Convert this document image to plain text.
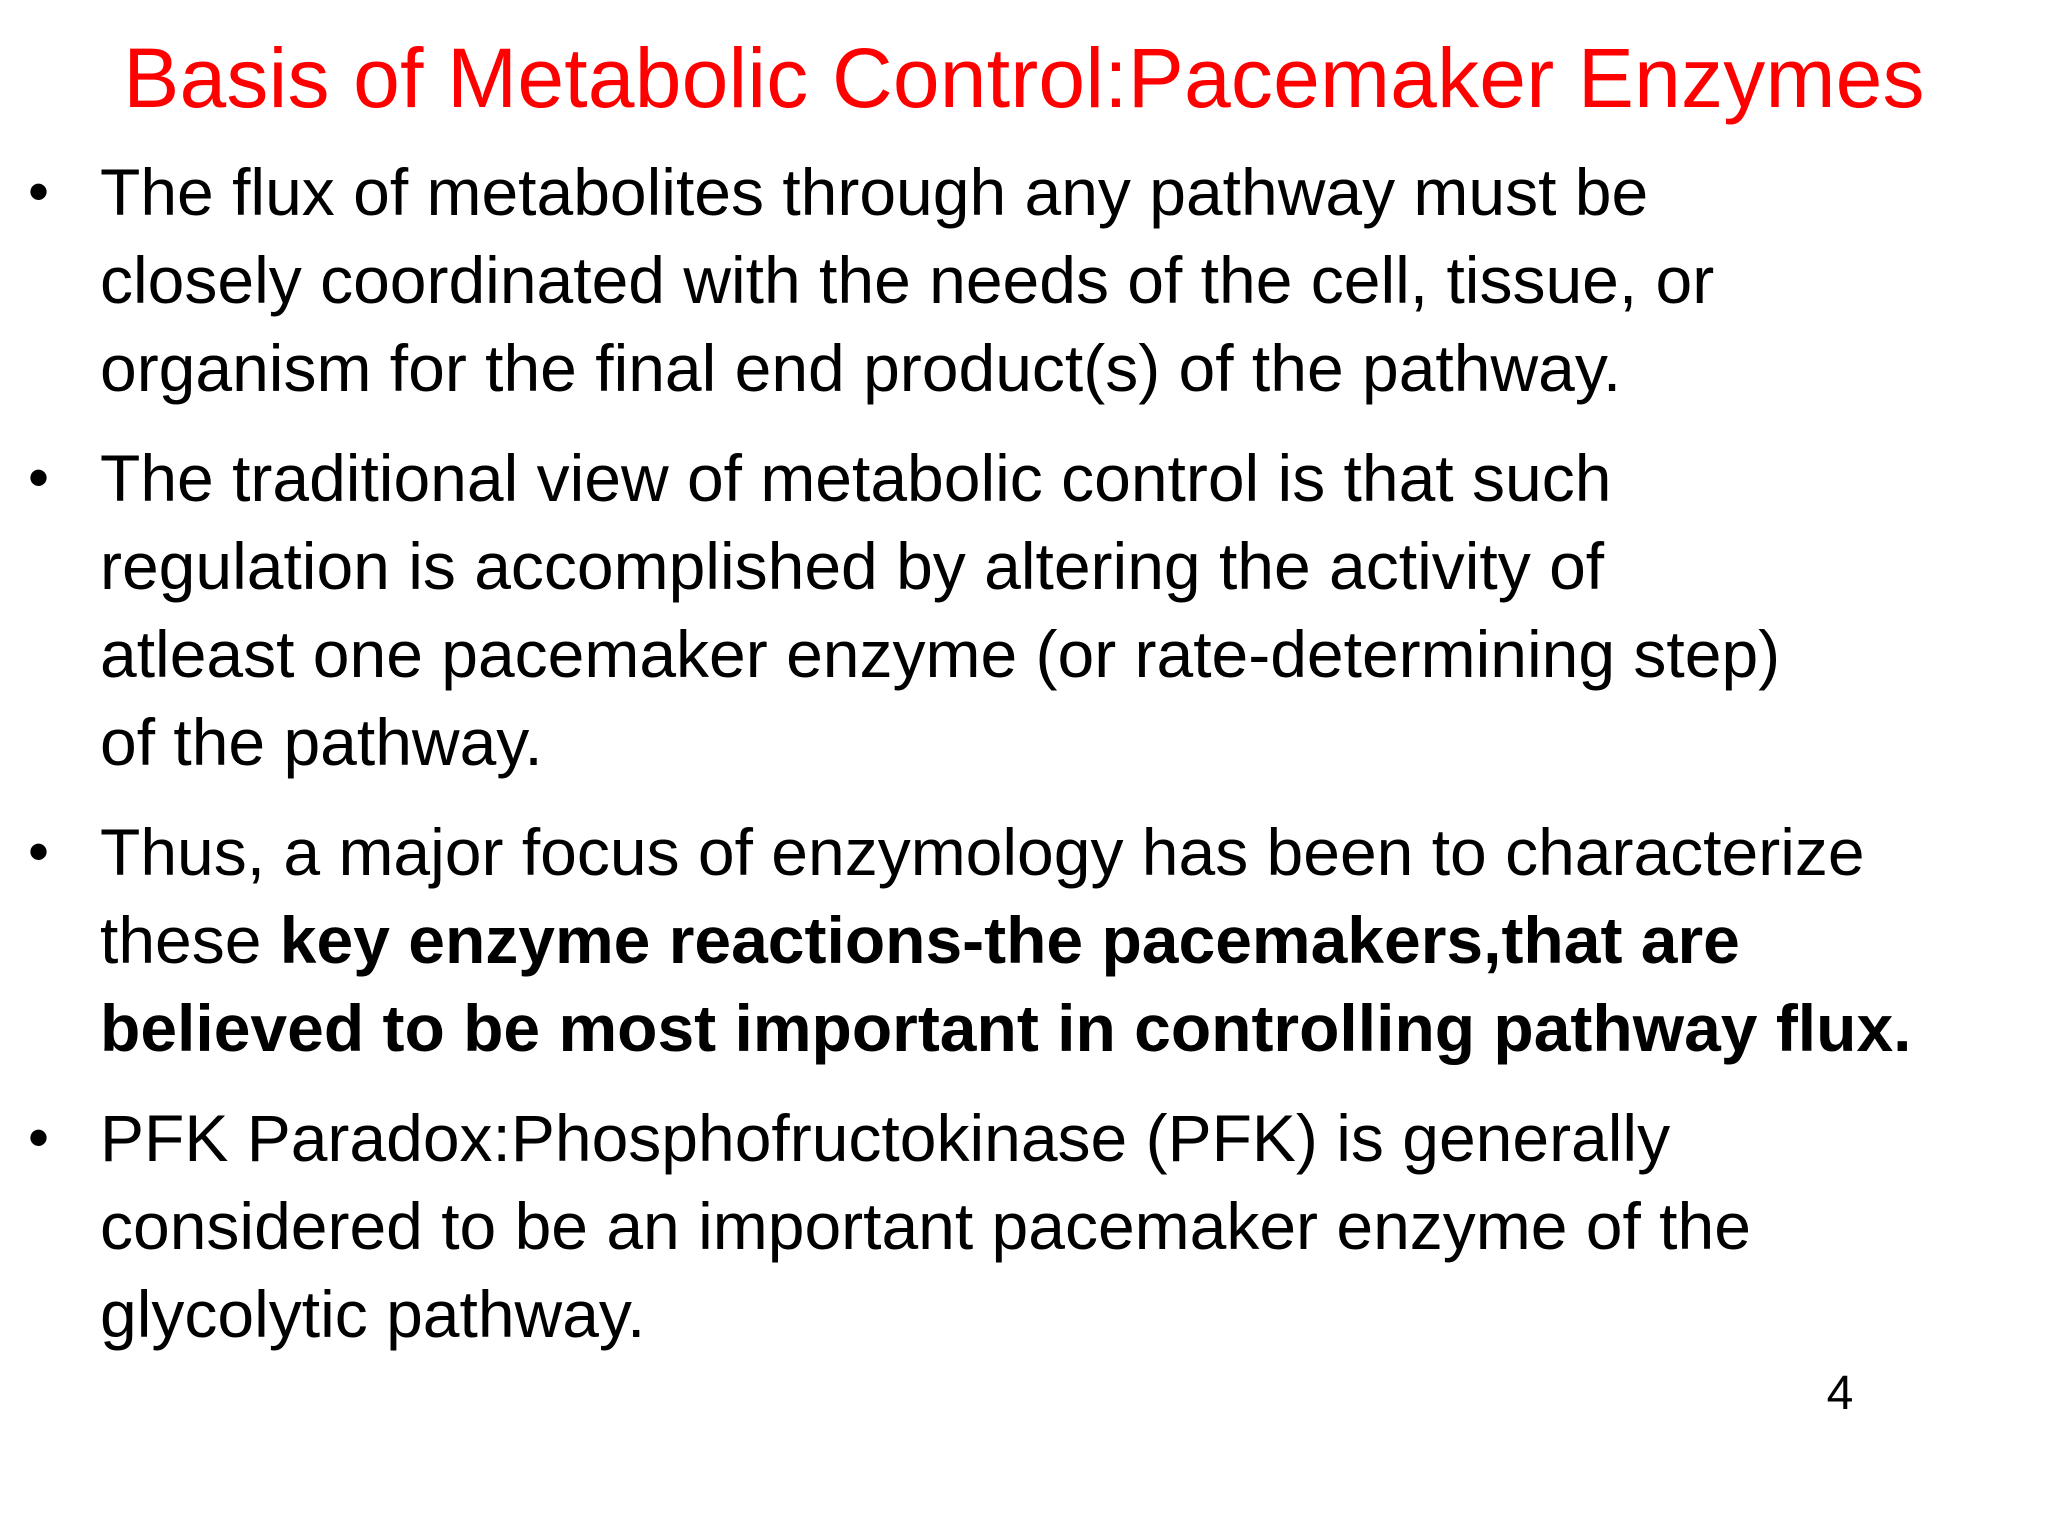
Basis of Metabolic Control:Pacemaker Enzymes
• The flux of metabolites through any pathway must be
closely coordinated with the needs of the cell, tissue, or
organism for the final end product(s) of the pathway.
• The traditional view of metabolic control is that such
regulation is accomplished by altering the activity of
atleast one pacemaker enzyme (or rate-determining step)
of the pathway.
• Thus, a major focus of enzymology has been to characterize
these key enzyme reactions-the pacemakers,that are
believed to be most important in controlling pathway flux.
• PFK Paradox:Phosphofructokinase (PFK) is generally
considered to be an important pacemaker enzyme of the
glycolytic pathway.
4
